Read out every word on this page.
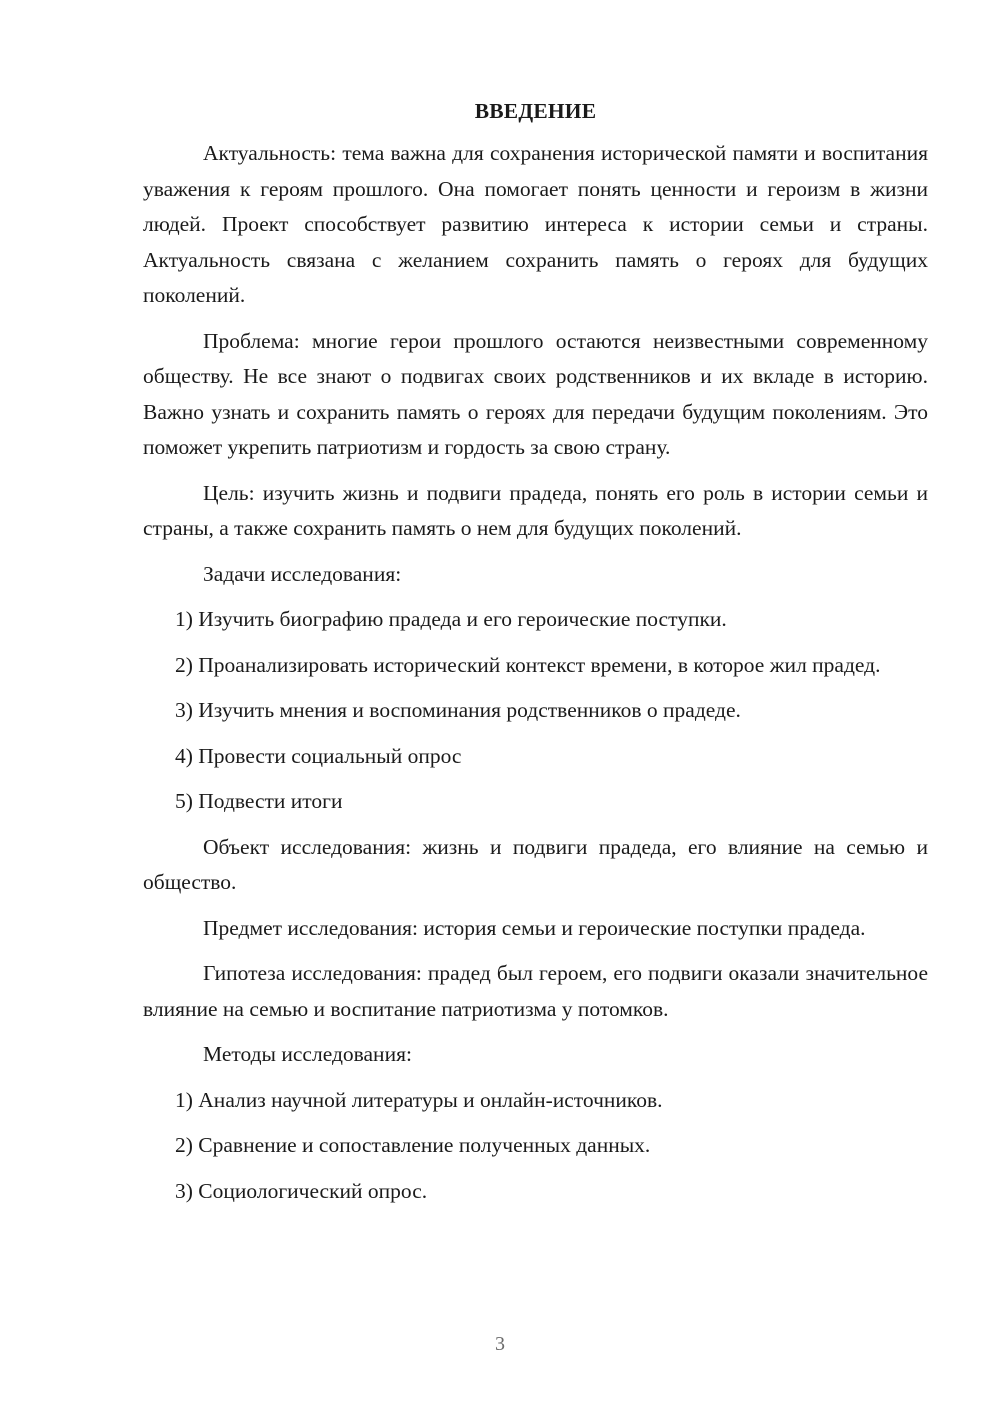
ВВЕДЕНИЕ

Актуальность: тема важна для сохранения исторической памяти и воспитания уважения к героям прошлого. Она помогает понять ценности и героизм в жизни людей. Проект способствует развитию интереса к истории семьи и страны. Актуальность связана с желанием сохранить память о героях для будущих поколений.

Проблема: многие герои прошлого остаются неизвестными современному обществу. Не все знают о подвигах своих родственников и их вкладе в историю. Важно узнать и сохранить память о героях для передачи будущим поколениям. Это поможет укрепить патриотизм и гордость за свою страну.

Цель: изучить жизнь и подвиги прадеда, понять его роль в истории семьи и страны, а также сохранить память о нем для будущих поколений.

Задачи исследования:

1) Изучить биографию прадеда и его героические поступки.

2) Проанализировать исторический контекст времени, в которое жил прадед.

3) Изучить мнения и воспоминания родственников о прадеде.

4) Провести социальный опрос

5) Подвести итоги

Объект исследования: жизнь и подвиги прадеда, его влияние на семью и общество.

Предмет исследования: история семьи и героические поступки прадеда.

Гипотеза исследования: прадед был героем, его подвиги оказали значительное влияние на семью и воспитание патриотизма у потомков.

Методы исследования:

1) Анализ научной литературы и онлайн-источников.

2) Сравнение и сопоставление полученных данных.

3) Социологический опрос.

3
